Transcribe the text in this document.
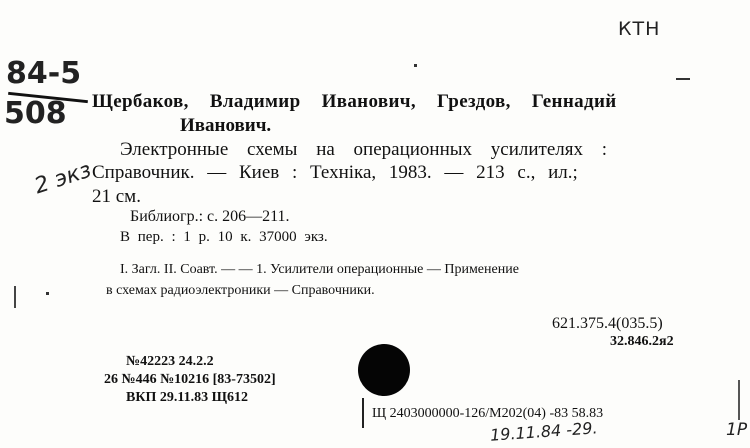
КТН
84-5
508
2 экз
19.11.84 -29.	1Р
Щербаков, Владимир Иванович, Грездов, Геннадий
Иванович.
Электронные схемы на операционных усилителях :
Справочник. — Киев : Техніка, 1983. — 213 с., ил.;
21 см.
Библиогр.: с. 206—211.
В пер. : 1 р. 10 к. 37000 экз.
I. Загл. II. Соавт. — — 1. Усилители операционные — Применение
в схемах радиоэлектроники — Справочники.
621.375.4(035.5)
32.846.2я2
№42223 24.2.2
26 №446 №10216 [83-73502]
ВКП 29.11.83 Щ612
Щ 2403000000-126/М202(04) -83 58.83
